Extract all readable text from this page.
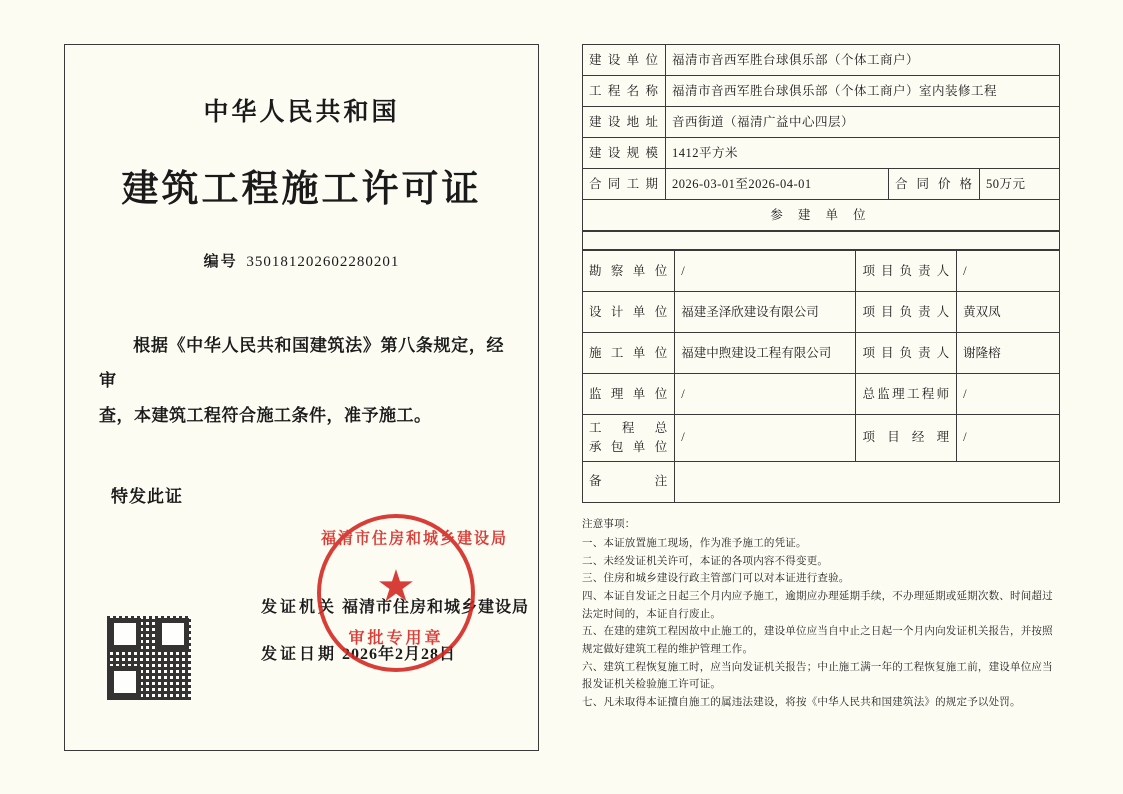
中华人民共和国
建筑工程施工许可证
编号 350181202602280201
根据《中华人民共和国建筑法》第八条规定，经审
查，本建筑工程符合施工条件，准予施工。
特发此证
发证机关 福清市住房和城乡建设局
发证日期 2026年2月28日
福清市住房和城乡建设局
★
审批专用章
建设单位	福清市音西军胜台球俱乐部（个体工商户）		
工程名称	福清市音西军胜台球俱乐部（个体工商户）室内装修工程		
建设地址	音西街道（福清广益中心四层）		
建设规模	1412平方米		
合同工期	2026-03-01至2026-04-01	合同价格	50万元
参 建 单 位			
勘察单位	/	项目负责人	/
设计单位	福建圣泽欣建设有限公司	项目负责人	黄双凤
施工单位	福建中煦建设工程有限公司	项目负责人	谢隆榕
监理单位	/	总监理工程师	/

工 程 总
承包单位	/	项目经理	/
备 注			
注意事项：
一、本证放置施工现场，作为准予施工的凭证。
二、未经发证机关许可，本证的各项内容不得变更。
三、住房和城乡建设行政主管部门可以对本证进行查验。
四、本证自发证之日起三个月内应予施工，逾期应办理延期手续，不办理延期或延期次数、时间超过法定时间的，本证自行废止。
五、在建的建筑工程因故中止施工的，建设单位应当自中止之日起一个月内向发证机关报告，并按照规定做好建筑工程的维护管理工作。
六、建筑工程恢复施工时，应当向发证机关报告；中止施工满一年的工程恢复施工前，建设单位应当报发证机关检验施工许可证。
七、凡未取得本证擅自施工的属违法建设，将按《中华人民共和国建筑法》的规定予以处罚。
